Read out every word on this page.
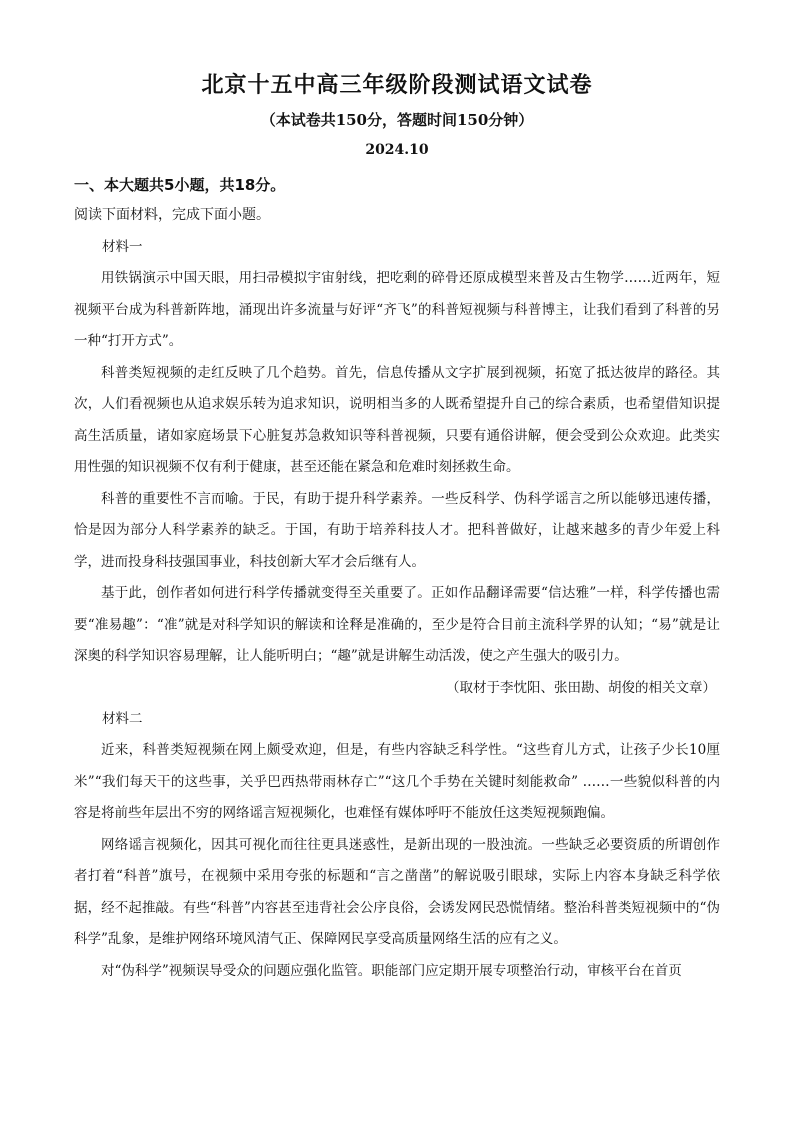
北京十五中高三年级阶段测试语文试卷
（本试卷共150分，答题时间150分钟）
2024.10
一、本大题共5小题，共18分。
阅读下面材料，完成下面小题。

材料一

用铁锅演示中国天眼，用扫帚模拟宇宙射线，把吃剩的碎骨还原成模型来普及古生物学……近两年，短视频平台成为科普新阵地，涌现出许多流量与好评“齐飞”的科普短视频与科普博主，让我们看到了科普的另一种“打开方式”。

科普类短视频的走红反映了几个趋势。首先，信息传播从文字扩展到视频，拓宽了抵达彼岸的路径。其次，人们看视频也从追求娱乐转为追求知识，说明相当多的人既希望提升自己的综合素质，也希望借知识提高生活质量，诸如家庭场景下心脏复苏急救知识等科普视频，只要有通俗讲解，便会受到公众欢迎。此类实用性强的知识视频不仅有利于健康，甚至还能在紧急和危难时刻拯救生命。

科普的重要性不言而喻。于民，有助于提升科学素养。一些反科学、伪科学谣言之所以能够迅速传播，恰是因为部分人科学素养的缺乏。于国，有助于培养科技人才。把科普做好，让越来越多的青少年爱上科学，进而投身科技强国事业，科技创新大军才会后继有人。

基于此，创作者如何进行科学传播就变得至关重要了。正如作品翻译需要“信达雅”一样，科学传播也需要“准易趣”：“准”就是对科学知识的解读和诠释是准确的，至少是符合目前主流科学界的认知；“易”就是让深奥的科学知识容易理解，让人能听明白；“趣”就是讲解生动活泼，使之产生强大的吸引力。

（取材于李忱阳、张田勘、胡俊的相关文章）

材料二

近来，科普类短视频在网上颇受欢迎，但是，有些内容缺乏科学性。“这些育儿方式，让孩子少长10厘米”“我们每天干的这些事，关乎巴西热带雨林存亡”“这几个手势在关键时刻能救命” ……一些貌似科普的内容是将前些年层出不穷的网络谣言短视频化，也难怪有媒体呼吁不能放任这类短视频跑偏。

网络谣言视频化，因其可视化而往往更具迷惑性，是新出现的一股浊流。一些缺乏必要资质的所谓创作者打着“科普”旗号，在视频中采用夸张的标题和“言之凿凿”的解说吸引眼球，实际上内容本身缺乏科学依据，经不起推敲。有些“科普”内容甚至违背社会公序良俗，会诱发网民恐慌情绪。整治科普类短视频中的“伪科学”乱象，是维护网络环境风清气正、保障网民享受高质量网络生活的应有之义。

对“伪科学”视频误导受众的问题应强化监管。职能部门应定期开展专项整治行动，审核平台在首页
